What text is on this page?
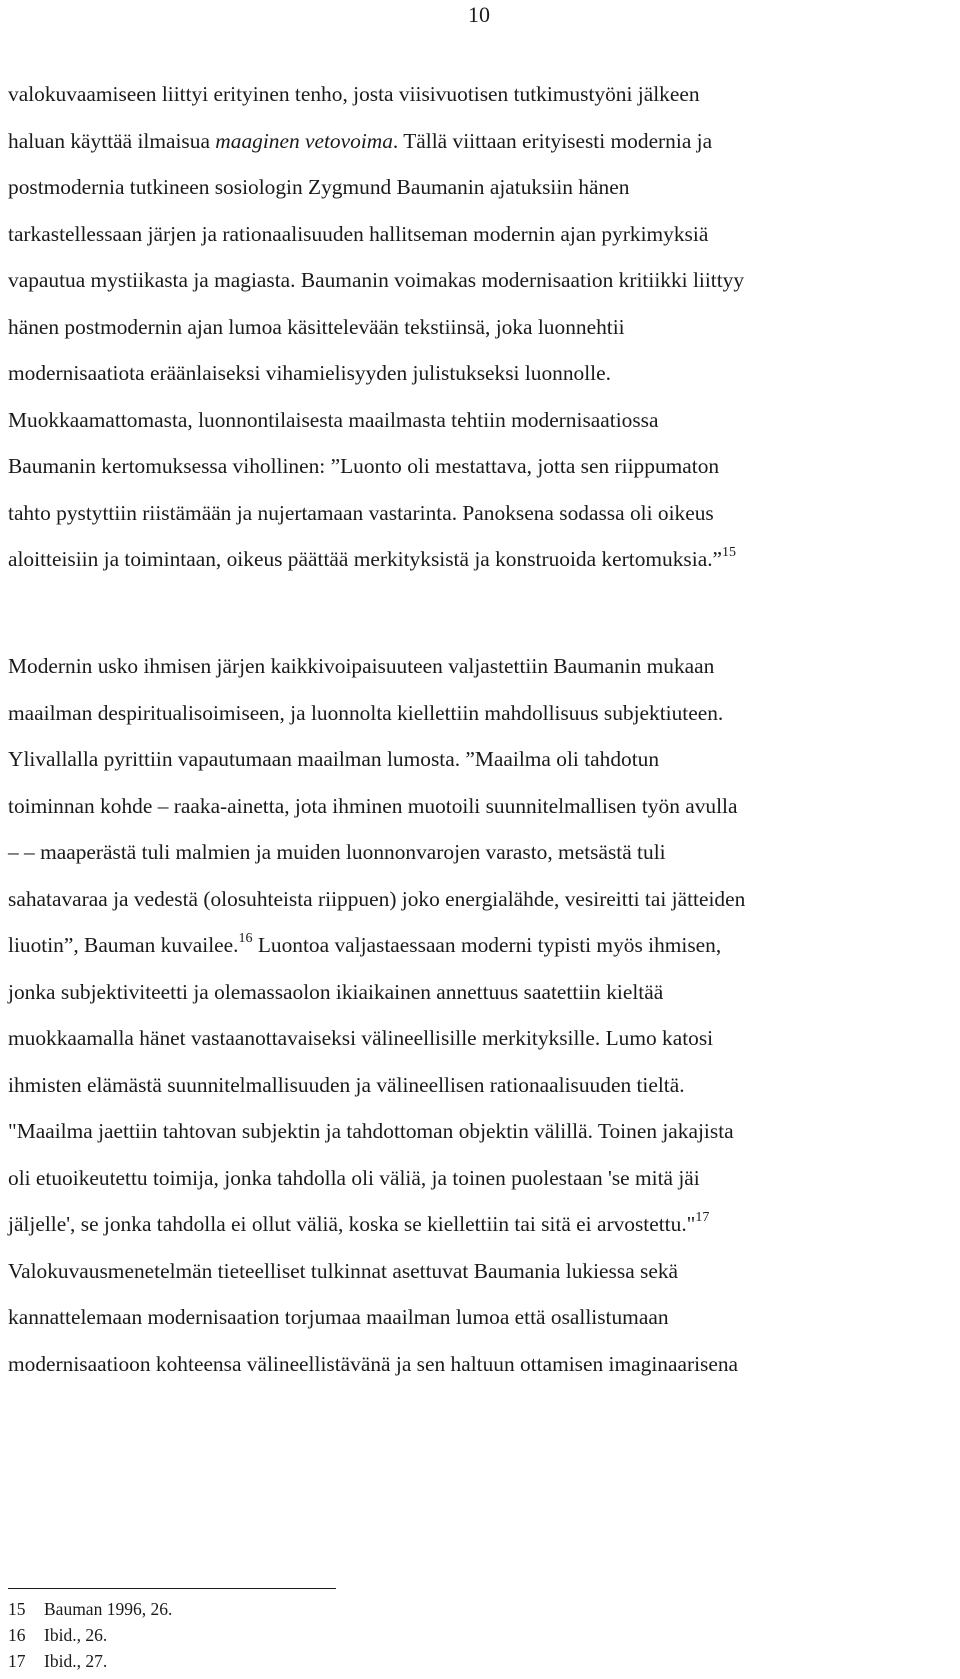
10
valokuvaamiseen liittyi erityinen tenho, josta viisivuotisen tutkimustyöni jälkeen
haluan käyttää ilmaisua maaginen vetovoima. Tällä viittaan erityisesti modernia ja
postmodernia tutkineen sosiologin Zygmund Baumanin ajatuksiin hänen
tarkastellessaan järjen ja rationaalisuuden hallitseman modernin ajan pyrkimyksiä
vapautua mystiikasta ja magiasta. Baumanin voimakas modernisaation kritiikki liittyy
hänen postmodernin ajan lumoa käsittelevään tekstiinsä, joka luonnehtii
modernisaatiota eräänlaiseksi vihamielisyyden julistukseksi luonnolle.
Muokkaamattomasta, luonnontilaisesta maailmasta tehtiin modernisaatiossa
Baumanin kertomuksessa vihollinen: ”Luonto oli mestattava, jotta sen riippumaton
tahto pystyttiin riistämään ja nujertamaan vastarinta. Panoksena sodassa oli oikeus
aloitteisiin ja toimintaan, oikeus päättää merkityksistä ja konstruoida kertomuksia.”$^{15}$
Modernin usko ihmisen järjen kaikkivoipaisuuteen valjastettiin Baumanin mukaan
maailman despiritualisoimiseen, ja luonnolta kiellettiin mahdollisuus subjektiuteen.
Ylivallalla pyrittiin vapautumaan maailman lumosta. ”Maailma oli tahdotun
toiminnan kohde – raaka-ainetta, jota ihminen muotoili suunnitelmallisen työn avulla
– – maaperästä tuli malmien ja muiden luonnonvarojen varasto, metsästä tuli
sahatavaraa ja vedestä (olosuhteista riippuen) joko energialähde, vesireitti tai jätteiden
liuotin”, Bauman kuvailee.$^{16}$ Luontoa valjastaessaan moderni typisti myös ihmisen,
jonka subjektiviteetti ja olemassaolon ikiaikainen annettuus saatettiin kieltää
muokkaamalla hänet vastaanottavaiseksi välineellisille merkityksille. Lumo katosi
ihmisten elämästä suunnitelmallisuuden ja välineellisen rationaalisuuden tieltä.
"Maailma jaettiin tahtovan subjektin ja tahdottoman objektin välillä. Toinen jakajista
oli etuoikeutettu toimija, jonka tahdolla oli väliä, ja toinen puolestaan 'se mitä jäi
jäljelle', se jonka tahdolla ei ollut väliä, koska se kiellettiin tai sitä ei arvostettu."$^{17}$
Valokuvausmenetelmän tieteelliset tulkinnat asettuvat Baumania lukiessa sekä
kannattelemaan modernisaation torjumaa maailman lumoa että osallistumaan
modernisaatioon kohteensa välineellistävänä ja sen haltuun ottamisen imaginaarisena
15 Bauman 1996, 26.
16 Ibid., 26.
17 Ibid., 27.
